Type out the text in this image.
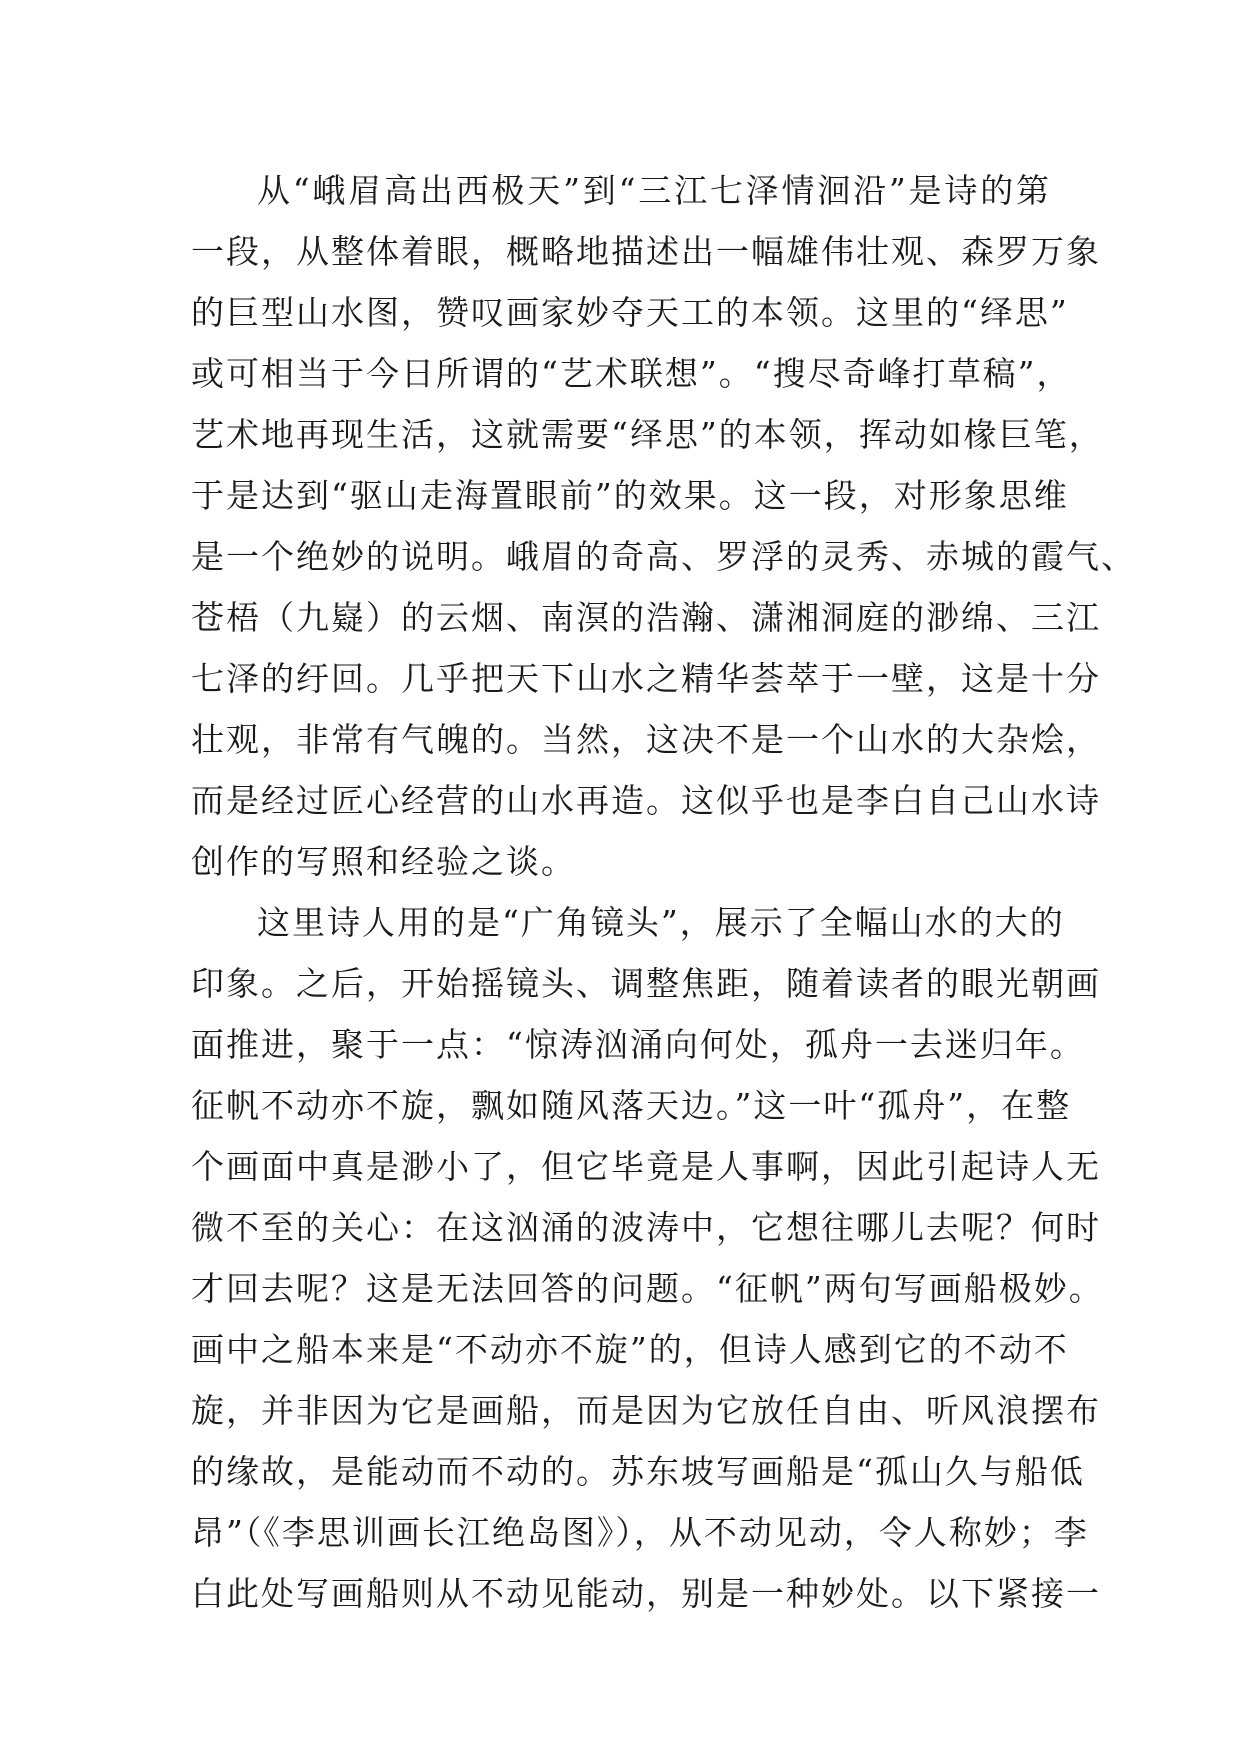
从“峨眉高出西极天”到“三江七泽情洄沿”是诗的第
一段，从整体着眼，概略地描述出一幅雄伟壮观、森罗万象
的巨型山水图，赞叹画家妙夺天工的本领。这里的“绎思”
或可相当于今日所谓的“艺术联想”。“搜尽奇峰打草稿”，
艺术地再现生活，这就需要“绎思”的本领，挥动如椽巨笔，
于是达到“驱山走海置眼前”的效果。这一段，对形象思维
是一个绝妙的说明。峨眉的奇高、罗浮的灵秀、赤城的霞气、
苍梧（九嶷）的云烟、南溟的浩瀚、潇湘洞庭的渺绵、三江
七泽的纡回。几乎把天下山水之精华荟萃于一壁，这是十分
壮观，非常有气魄的。当然，这决不是一个山水的大杂烩，
而是经过匠心经营的山水再造。这似乎也是李白自己山水诗
创作的写照和经验之谈。
这里诗人用的是“广角镜头”，展示了全幅山水的大的
印象。之后，开始摇镜头、调整焦距，随着读者的眼光朝画
面推进，聚于一点：“惊涛汹涌向何处，孤舟一去迷归年。
征帆不动亦不旋，飘如随风落天边。”这一叶“孤舟”，在整
个画面中真是渺小了，但它毕竟是人事啊，因此引起诗人无
微不至的关心：在这汹涌的波涛中，它想往哪儿去呢？何时
才回去呢？这是无法回答的问题。“征帆”两句写画船极妙。
画中之船本来是“不动亦不旋”的，但诗人感到它的不动不
旋，并非因为它是画船，而是因为它放任自由、听风浪摆布
的缘故，是能动而不动的。苏东坡写画船是“孤山久与船低
昂”（《李思训画长江绝岛图》），从不动见动，令人称妙；李
白此处写画船则从不动见能动，别是一种妙处。以下紧接一
